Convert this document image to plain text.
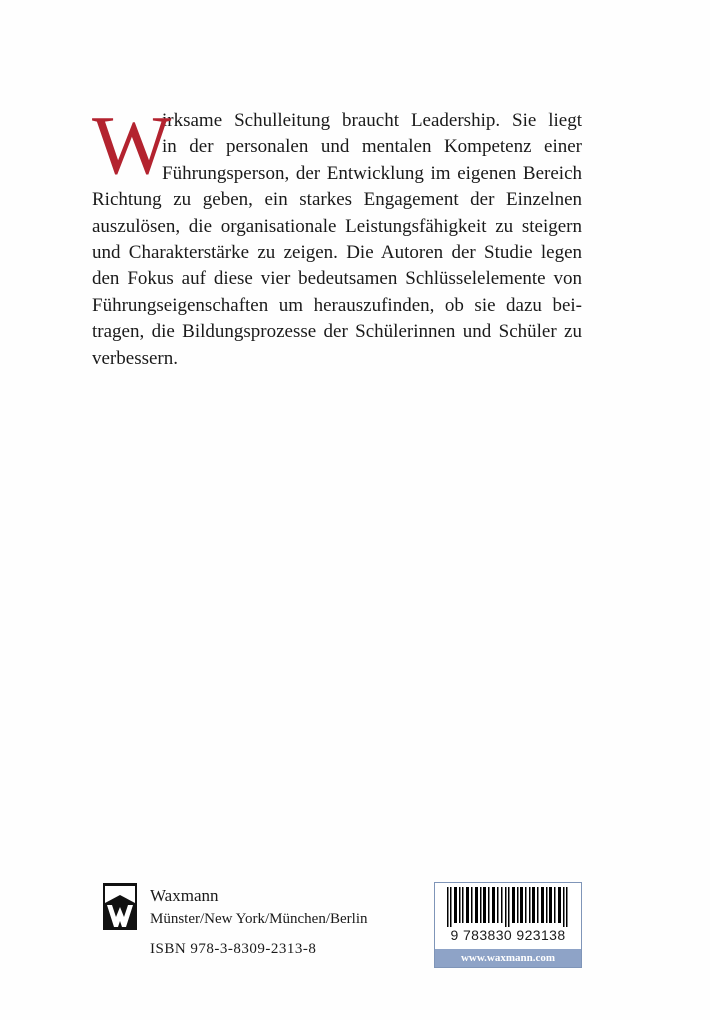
W

irksame Schulleitung braucht Leadership. Sie liegt
in der personalen und mentalen Kompetenz einer
Führungsperson, der Entwicklung im eigenen Bereich
Richtung zu geben, ein starkes Engagement der Einzelnen
auszulösen, die organisationale Leistungsfähigkeit zu steigern
und Charakterstärke zu zeigen. Die Autoren der Studie legen
den Fokus auf diese vier bedeutsamen Schlüsselelemente von
Führungseigenschaften um herauszufinden, ob sie dazu bei-
tragen, die Bildungsprozesse der Schülerinnen und Schüler zu
verbessern.

Waxmann
Münster/New York/München/Berlin
ISBN 978-3-8309-2313-8
9 783830 923138
www.waxmann.com
